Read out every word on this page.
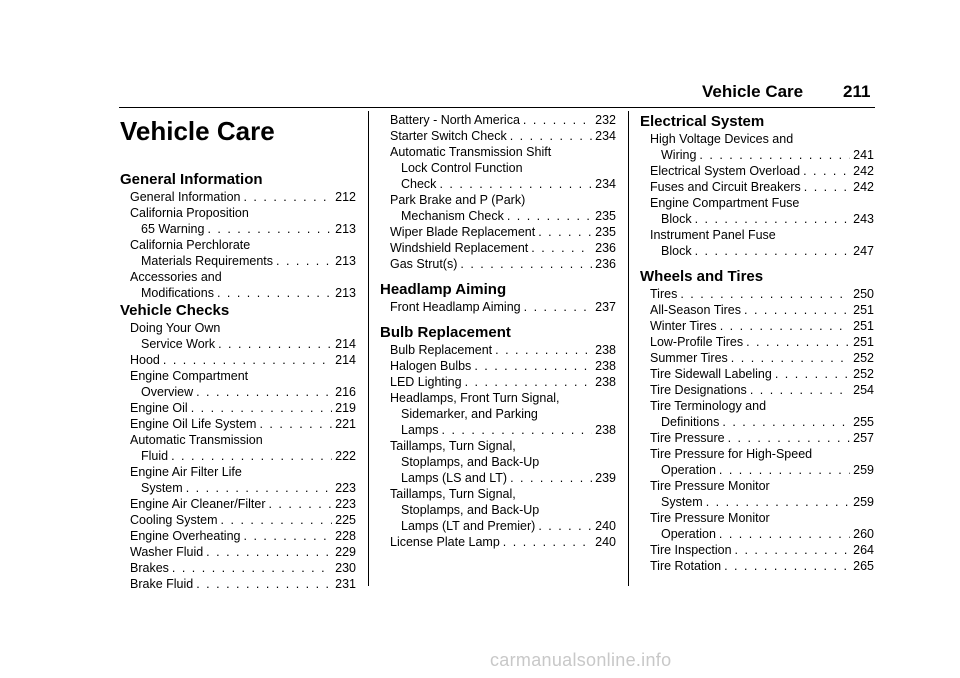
Vehicle Care 211
Vehicle Care
General Information
General Information . . .	212
California Proposition
65 Warning . . .	213
California Perchlorate
Materials Requirements . . .	213
Accessories and
Modifications . . .	213
Vehicle Checks
Doing Your Own
Service Work . . .	214
Hood . . .	214
Engine Compartment
Overview . . .	216
Engine Oil . . .	219
Engine Oil Life System . . .	221
Automatic Transmission
Fluid . . .	222
Engine Air Filter Life
System . . .	223
Engine Air Cleaner/Filter . . .	223
Cooling System . . .	225
Engine Overheating . . .	228
Washer Fluid . . .	229
Brakes . . .	230
Brake Fluid . . .	231
Battery - North America . . .	232
Starter Switch Check . . .	234
Automatic Transmission Shift
Lock Control Function
Check . . .	234
Park Brake and P (Park)
Mechanism Check . . .	235
Wiper Blade Replacement . . .	235
Windshield Replacement . . .	236
Gas Strut(s) . . .	236
Headlamp Aiming
Front Headlamp Aiming . . .	237
Bulb Replacement
Bulb Replacement . . .	238
Halogen Bulbs . . .	238
LED Lighting . . .	238
Headlamps, Front Turn Signal,
Sidemarker, and Parking
Lamps . . .	238
Taillamps, Turn Signal,
Stoplamps, and Back-Up
Lamps (LS and LT) . . .	239
Taillamps, Turn Signal,
Stoplamps, and Back-Up
Lamps (LT and Premier) . . .	240
License Plate Lamp . . .	240
Electrical System
High Voltage Devices and
Wiring . . .	241
Electrical System Overload . . .	242
Fuses and Circuit Breakers . . .	242
Engine Compartment Fuse
Block . . .	243
Instrument Panel Fuse
Block . . .	247
Wheels and Tires
Tires . . .	250
All-Season Tires . . .	251
Winter Tires . . .	251
Low-Profile Tires . . .	251
Summer Tires . . .	252
Tire Sidewall Labeling . . .	252
Tire Designations . . .	254
Tire Terminology and
Definitions . . .	255
Tire Pressure . . .	257
Tire Pressure for High-Speed
Operation . . .	259
Tire Pressure Monitor
System . . .	259
Tire Pressure Monitor
Operation . . .	260
Tire Inspection . . .	264
Tire Rotation . . .	265
carmanualsonline.info
